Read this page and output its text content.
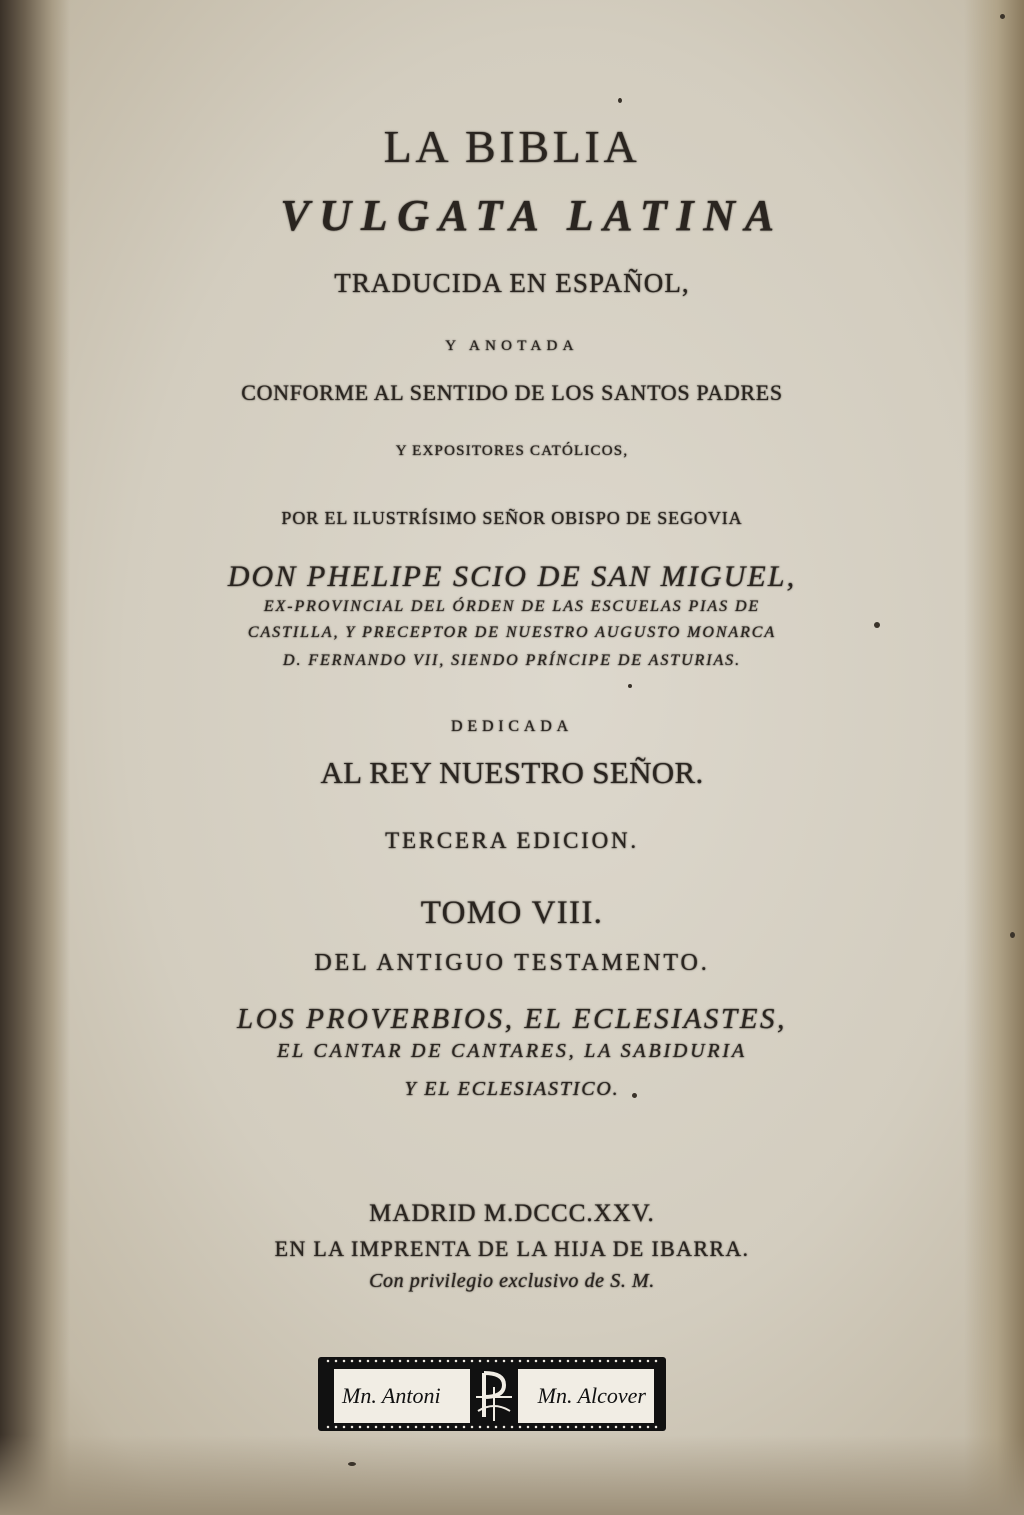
LA BIBLIA
VULGATA LATINA
TRADUCIDA EN ESPAÑOL,
Y ANOTADA
CONFORME AL SENTIDO DE LOS SANTOS PADRES
Y EXPOSITORES CATÓLICOS,
POR EL ILUSTRÍSIMO SEÑOR OBISPO DE SEGOVIA
DON PHELIPE SCIO DE SAN MIGUEL,
EX-PROVINCIAL DEL ÓRDEN DE LAS ESCUELAS PIAS DE
CASTILLA, Y PRECEPTOR DE NUESTRO AUGUSTO MONARCA
D. FERNANDO VII, SIENDO PRÍNCIPE DE ASTURIAS.
DEDICADA
AL REY NUESTRO SEÑOR.
TERCERA EDICION.
TOMO VIII.
DEL ANTIGUO TESTAMENTO.
LOS PROVERBIOS, EL ECLESIASTES,
EL CANTAR DE CANTARES, LA SABIDURIA
Y EL ECLESIASTICO.
MADRID M.DCCC.XXV.
EN LA IMPRENTA DE LA HIJA DE IBARRA.
Con privilegio exclusivo de S. M.
Mn. Antoni	Mn. Alcover
